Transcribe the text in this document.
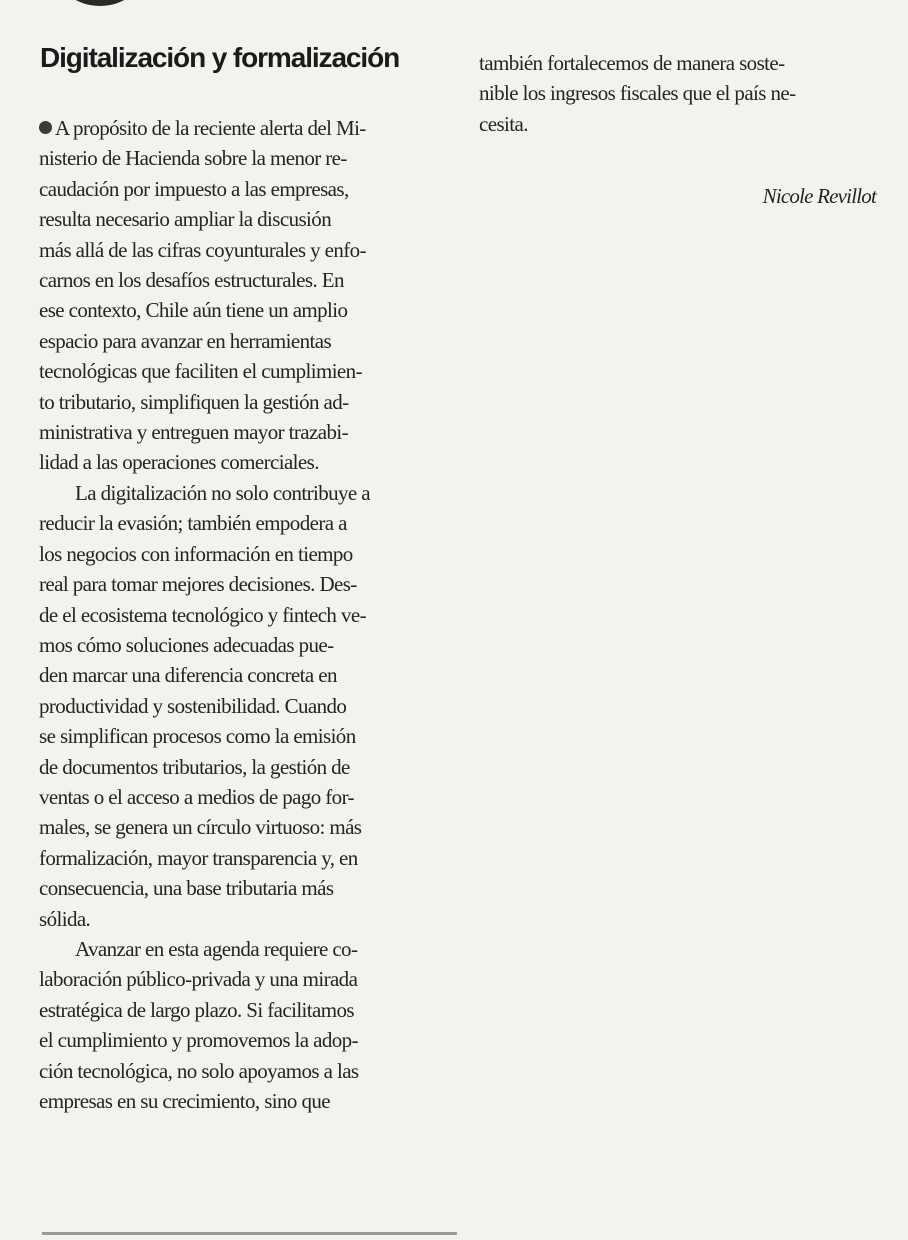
Digitalización y formalización
A propósito de la reciente alerta del Mi-
nisterio de Hacienda sobre la menor re-
caudación por impuesto a las empresas,
resulta necesario ampliar la discusión
más allá de las cifras coyunturales y enfo-
carnos en los desafíos estructurales. En
ese contexto, Chile aún tiene un amplio
espacio para avanzar en herramientas
tecnológicas que faciliten el cumplimien-
to tributario, simplifiquen la gestión ad-
ministrativa y entreguen mayor trazabi-
lidad a las operaciones comerciales.
La digitalización no solo contribuye a
reducir la evasión; también empodera a
los negocios con información en tiempo
real para tomar mejores decisiones. Des-
de el ecosistema tecnológico y fintech ve-
mos cómo soluciones adecuadas pue-
den marcar una diferencia concreta en
productividad y sostenibilidad. Cuando
se simplifican procesos como la emisión
de documentos tributarios, la gestión de
ventas o el acceso a medios de pago for-
males, se genera un círculo virtuoso: más
formalización, mayor transparencia y, en
consecuencia, una base tributaria más
sólida.
Avanzar en esta agenda requiere co-
laboración público-privada y una mirada
estratégica de largo plazo. Si facilitamos
el cumplimiento y promovemos la adop-
ción tecnológica, no solo apoyamos a las
empresas en su crecimiento, sino que
también fortalecemos de manera soste-
nible los ingresos fiscales que el país ne-
cesita.

Nicole Revillot
